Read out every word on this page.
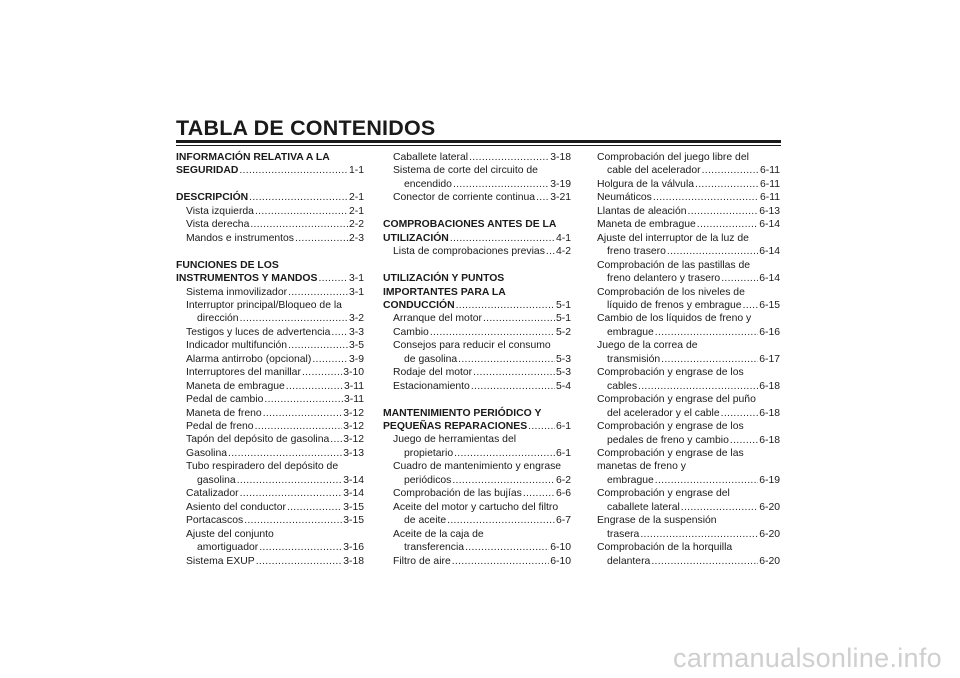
TABLA DE CONTENIDOS
INFORMACIÓN RELATIVA A LA
SEGURIDAD .....	1-1
DESCRIPCIÓN .....	2-1
Vista izquierda .....	2-1
Vista derecha .....	2-2
Mandos e instrumentos .....	2-3
FUNCIONES DE LOS
INSTRUMENTOS Y MANDOS .....	3-1
Sistema inmovilizador .....	3-1
Interruptor principal/Bloqueo de la
dirección .....	3-2
Testigos y luces de advertencia ..... 3-3
Indicador multifunción .....	3-5
Alarma antirrobo (opcional) .....	3-9
Interruptores del manillar .....	3-10
Maneta de embrague .....	3-11
Pedal de cambio .....	3-11
Maneta de freno .....	3-12
Pedal de freno .....	3-12
Tapón del depósito de gasolina ..... 3-12
Gasolina .....	3-13
Tubo respiradero del depósito de
gasolina .....	3-14
Catalizador .....	3-14
Asiento del conductor .....	3-15
Portacascos .....	3-15
Ajuste del conjunto
amortiguador .....	3-16
Sistema EXUP .....	3-18
Caballete lateral .....	3-18
Sistema de corte del circuito de
encendido .....	3-19
Conector de corriente continua ..... 3-21
COMPROBACIONES ANTES DE LA
UTILIZACIÓN .....	4-1
Lista de comprobaciones previas ..... 4-2
UTILIZACIÓN Y PUNTOS
IMPORTANTES PARA LA
CONDUCCIÓN .....	5-1
Arranque del motor .....	5-1
Cambio .....	5-2
Consejos para reducir el consumo
de gasolina .....	5-3
Rodaje del motor .....	5-3
Estacionamiento .....	5-4
MANTENIMIENTO PERIÓDICO Y
PEQUEÑAS REPARACIONES .....	6-1
Juego de herramientas del
propietario .....	6-1
Cuadro de mantenimiento y engrase
periódicos .....	6-2
Comprobación de las bujías .....	6-6
Aceite del motor y cartucho del filtro
de aceite .....	6-7
Aceite de la caja de
transferencia .....	6-10
Filtro de aire .....	6-10
Comprobación del juego libre del
cable del acelerador .....	6-11
Holgura de la válvula .....	6-11
Neumáticos .....	6-11
Llantas de aleación .....	6-13
Maneta de embrague .....	6-14
Ajuste del interruptor de la luz de
freno trasero .....	6-14
Comprobación de las pastillas de
freno delantero y trasero .....	6-14
Comprobación de los niveles de
líquido de frenos y embrague ..... 6-15
Cambio de los líquidos de freno y
embrague .....	6-16
Juego de la correa de
transmisión .....	6-17
Comprobación y engrase de los
cables .....	6-18
Comprobación y engrase del puño
del acelerador y el cable .....	6-18
Comprobación y engrase de los
pedales de freno y cambio .....	6-18
Comprobación y engrase de las
manetas de freno y
embrague .....	6-19
Comprobación y engrase del
caballete lateral .....	6-20
Engrase de la suspensión
trasera .....	6-20
Comprobación de la horquilla
delantera .....	6-20
carmanualsonline.info
